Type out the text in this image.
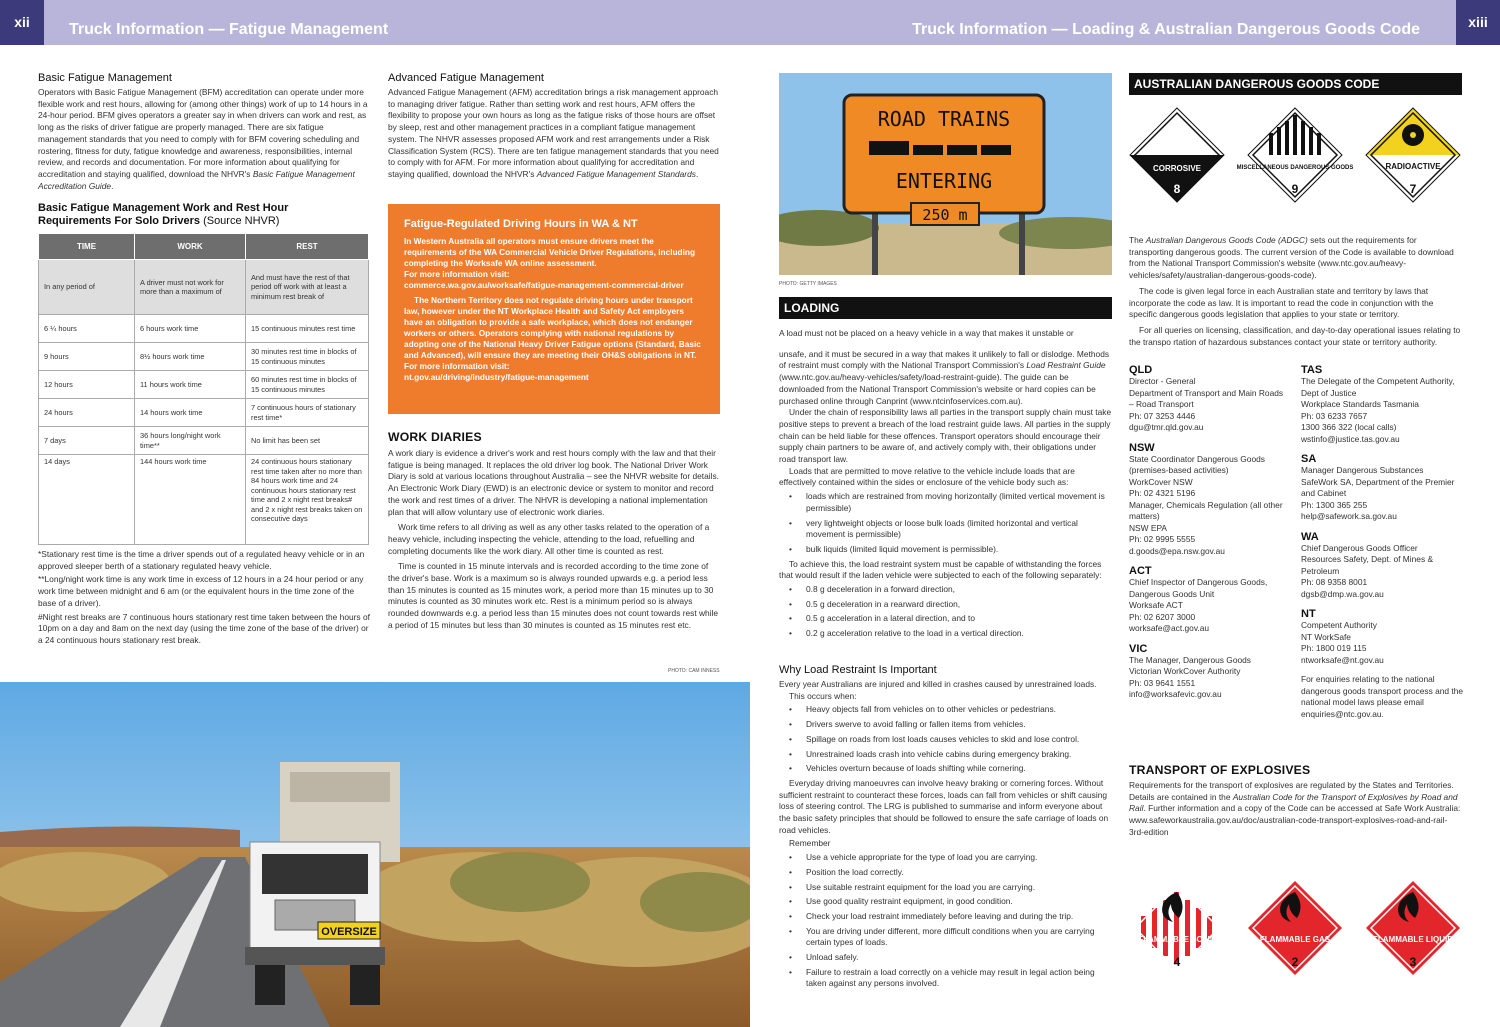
xii	xiii
Truck Information — Fatigue Management	Truck Information — Loading & Australian Dangerous Goods Code
Basic Fatigue Management

Operators with Basic Fatigue Management (BFM) accreditation can operate under more flexible work and rest hours, allowing for (among other things) work of up to 14 hours in a 24-hour period. BFM gives operators a greater say in when drivers can work and rest, as long as the risks of driver fatigue are properly managed. There are six fatigue management standards that you need to comply with for BFM covering scheduling and rostering, fitness for duty, fatigue knowledge and awareness, responsibilities, internal review, and records and documentation. For more information about qualifying for accreditation and staying qualified, download the NHVR's Basic Fatigue Management Accreditation Guide.

Basic Fatigue Management Work and Rest Hour Requirements For Solo Drivers (Source NHVR)
TIME	WORK	REST
In any period of	A driver must not work for more than a maximum of	And must have the rest of that period off work with at least a minimum rest break of
6 ¼ hours	6 hours work time	15 continuous minutes rest time
9 hours	8½ hours work time	30 minutes rest time in blocks of 15 continuous minutes
12 hours	11 hours work time	60 minutes rest time in blocks of 15 continuous minutes
24 hours	14 hours work time	7 continuous hours of stationary rest time*
7 days	36 hours long/night work time**	No limit has been set
14 days	144 hours work time	24 continuous hours stationary rest time taken after no more than 84 hours work time and 24 continuous hours stationary rest time and 2 x night rest breaks# and 2 x night rest breaks taken on consecutive days

*Stationary rest time is the time a driver spends out of a regulated heavy vehicle or in an approved sleeper berth of a stationary regulated heavy vehicle.

**Long/night work time is any work time in excess of 12 hours in a 24 hour period or any work time between midnight and 6 am (or the equivalent hours in the time zone of the base of a driver).

#Night rest breaks are 7 continuous hours stationary rest time taken between the hours of 10pm on a day and 8am on the next day (using the time zone of the base of the driver) or a 24 continuous hours stationary rest break.

Advanced Fatigue Management

Advanced Fatigue Management (AFM) accreditation brings a risk management approach to managing driver fatigue. Rather than setting work and rest hours, AFM offers the flexibility to propose your own hours as long as the fatigue risks of those hours are offset by sleep, rest and other management practices in a compliant fatigue management system. The NHVR assesses proposed AFM work and rest arrangements under a Risk Classification System (RCS). There are ten fatigue management standards that you need to comply with for AFM. For more information about qualifying for accreditation and staying qualified, download the NHVR's Advanced Fatigue Management Standards.

Fatigue-Regulated Driving Hours in WA & NT

In Western Australia all operators must ensure drivers meet the requirements of the WA Commercial Vehicle Driver Regulations, including completing the Worksafe WA online assessment.
For more information visit:
commerce.wa.gov.au/worksafe/fatigue-management-commercial-driver

The Northern Territory does not regulate driving hours under transport law, however under the NT Workplace Health and Safety Act employers have an obligation to provide a safe workplace, which does not endanger workers or others. Operators complying with national regulations by adopting one of the National Heavy Driver Fatigue options (Standard, Basic and Advanced), will ensure they are meeting their OH&S obligations in NT.

For more information visit:
nt.gov.au/driving/industry/fatigue-management

WORK DIARIES

A work diary is evidence a driver's work and rest hours comply with the law and that their fatigue is being managed. It replaces the old driver log book. The National Driver Work Diary is sold at various locations throughout Australia – see the NHVR website for details. An Electronic Work Diary (EWD) is an electronic device or system to monitor and record the work and rest times of a driver. The NHVR is developing a national implementation plan that will allow voluntary use of electronic work diaries.

Work time refers to all driving as well as any other tasks related to the operation of a heavy vehicle, including inspecting the vehicle, attending to the load, refuelling and completing documents like the work diary. All other time is counted as rest.

Time is counted in 15 minute intervals and is recorded according to the time zone of the driver's base. Work is a maximum so is always rounded upwards e.g. a period less than 15 minutes is counted as 15 minutes work, a period more than 15 minutes up to 30 minutes is counted as 30 minutes work etc. Rest is a minimum period so is always rounded downwards e.g. a period less than 15 minutes does not count towards rest while a period of 15 minutes but less than 30 minutes is counted as 15 minutes rest etc.

PHOTO: CAM INNESS
OVERSIZE
ROAD TRAINS
ENTERING
250 m
PHOTO: GETTY IMAGES
LOADING

A load must not be placed on a heavy vehicle in a way that makes it unstable or

unsafe, and it must be secured in a way that makes it unlikely to fall or dislodge. Methods of restraint must comply with the National Transport Commission's Load Restraint Guide (www.ntc.gov.au/heavy-vehicles/safety/load-restraint-guide). The guide can be downloaded from the National Transport Commission's website or hard copies can be purchased online through Canprint (www.ntcinfoservices.com.au).

Under the chain of responsibility laws all parties in the transport supply chain must take positive steps to prevent a breach of the load restraint guide laws. All parties in the supply chain can be held liable for these offences. Transport operators should encourage their supply chain partners to be aware of, and actively comply with, their obligations under road transport law.

Loads that are permitted to move relative to the vehicle include loads that are effectively contained within the sides or enclosure of the vehicle body such as:

• loads which are restrained from moving horizontally (limited vertical movement is permissible)
• very lightweight objects or loose bulk loads (limited horizontal and vertical movement is permissible)
• bulk liquids (limited liquid movement is permissible).

To achieve this, the load restraint system must be capable of withstanding the forces that would result if the laden vehicle were subjected to each of the following separately:

• 0.8 g deceleration in a forward direction,
• 0.5 g deceleration in a rearward direction,
• 0.5 g acceleration in a lateral direction, and to
• 0.2 g acceleration relative to the load in a vertical direction.
Why Load Restraint Is Important

Every year Australians are injured and killed in crashes caused by unrestrained loads.

This occurs when:

• Heavy objects fall from vehicles on to other vehicles or pedestrians.
• Drivers swerve to avoid falling or fallen items from vehicles.
• Spillage on roads from lost loads causes vehicles to skid and lose control.
• Unrestrained loads crash into vehicle cabins during emergency braking.
• Vehicles overturn because of loads shifting while cornering.

Everyday driving manoeuvres can involve heavy braking or cornering forces. Without sufficient restraint to counteract these forces, loads can fall from vehicles or shift causing loss of steering control. The LRG is published to summarise and inform everyone about the basic safety principles that should be followed to ensure the safe carriage of loads on road vehicles.

Remember

• Use a vehicle appropriate for the type of load you are carrying.
• Position the load correctly.
• Use suitable restraint equipment for the load you are carrying.
• Use good quality restraint equipment, in good condition.
• Check your load restraint immediately before leaving and during the trip.
• You are driving under different, more difficult conditions when you are carrying certain types of loads.
• Unload safely.
• Failure to restrain a load correctly on a vehicle may result in legal action being taken against any persons involved.
AUSTRALIAN DANGEROUS GOODS CODE
CORROSIVE
8
MISCELLANEOUS DANGEROUS GOODS
9
RADIOACTIVE
7

The Australian Dangerous Goods Code (ADGC) sets out the requirements for transporting dangerous goods. The current version of the Code is available to download from the National Transport Commission's website (www.ntc.gov.au/heavy-vehicles/safety/australian-dangerous-goods-code).

The code is given legal force in each Australian state and territory by laws that incorporate the code as law. It is important to read the code in conjunction with the specific dangerous goods legislation that applies to your state or territory.

For all queries on licensing, classification, and day-to-day operational issues relating to the transpo rtation of hazardous substances contact your state or territory authority.

QLD
Director - General
Department of Transport and Main Roads – Road Transport
Ph: 07 3253 4446
dgu@tmr.qld.gov.au
NSW
State Coordinator Dangerous Goods (premises-based activities)
WorkCover NSW
Ph: 02 4321 5196
Manager, Chemicals Regulation (all other matters)
NSW EPA
Ph: 02 9995 5555
d.goods@epa.nsw.gov.au
ACT
Chief Inspector of Dangerous Goods, Dangerous Goods Unit
Worksafe ACT
Ph: 02 6207 3000
worksafe@act.gov.au
VIC
The Manager, Dangerous Goods
Victorian WorkCover Authority
Ph: 03 9641 1551
info@worksafevic.gov.au
TAS
The Delegate of the Competent Authority, Dept of Justice
Workplace Standards Tasmania
Ph: 03 6233 7657
1300 366 322 (local calls)
wstinfo@justice.tas.gov.au
SA
Manager Dangerous Substances
SafeWork SA, Department of the Premier and Cabinet
Ph: 1300 365 255
help@safework.sa.gov.au
WA
Chief Dangerous Goods Officer
Resources Safety, Dept. of Mines & Petroleum
Ph: 08 9358 8001
dgsb@dmp.wa.gov.au
NT
Competent Authority
NT WorkSafe
Ph: 1800 019 115
ntworksafe@nt.gov.au

For enquiries relating to the national dangerous goods transport process and the national model laws please email enquiries@ntc.gov.au.

TRANSPORT OF EXPLOSIVES

Requirements for the transport of explosives are regulated by the States and Territories. Details are contained in the Australian Code for the Transport of Explosives by Road and Rail. Further information and a copy of the Code can be accessed at Safe Work Australia: www.safeworkaustralia.gov.au/doc/australian-code-transport-explosives-road-and-rail-3rd-edition

FLAMMABLE SOLID
4
FLAMMABLE GAS
2
FLAMMABLE LIQUID
3
